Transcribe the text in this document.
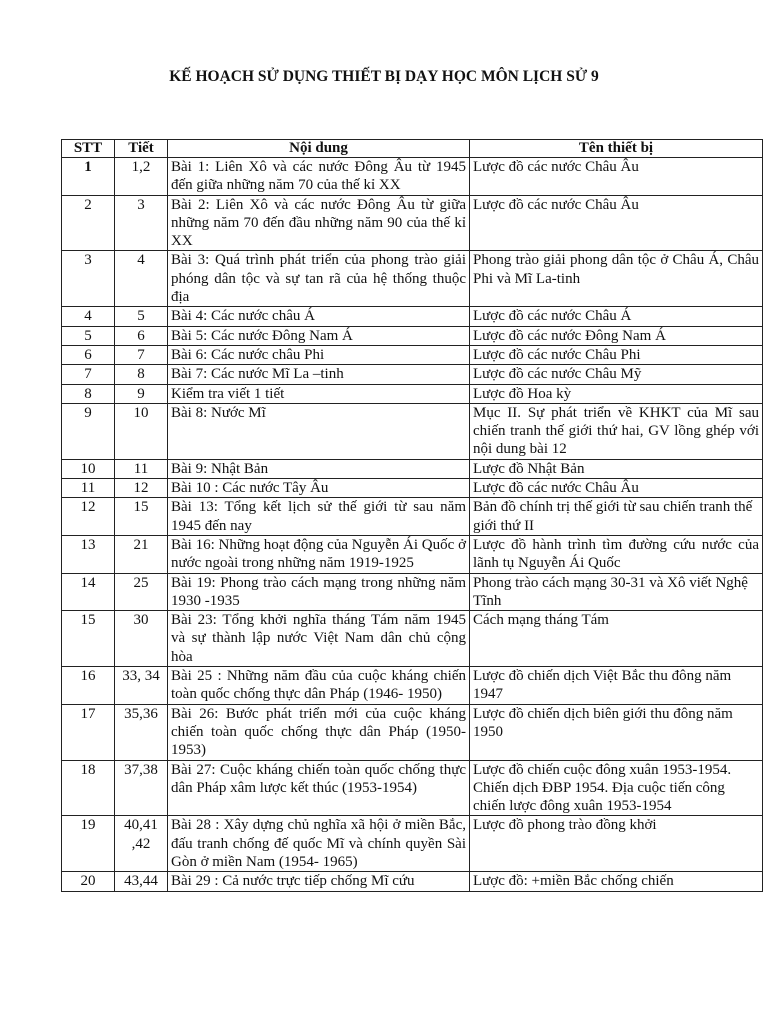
KẾ HOẠCH SỬ DỤNG THIẾT BỊ DẠY HỌC MÔN LỊCH SỬ 9
STT	Tiết	Nội dung	Tên thiết bị
1	1,2	Bài 1: Liên Xô và các nước Đông Âu từ 1945 đến giữa những năm 70 của thế kỉ XX	Lược đồ các nước Châu Âu
2	3	Bài 2: Liên Xô và các nước Đông Âu từ giữa những năm 70 đến đầu những năm 90 của thế kỉ XX	Lược đồ các nước Châu Âu
3	4	Bài 3: Quá trình phát triển của phong trào giải phóng dân tộc và sự tan rã của hệ thống thuộc địa	Phong trào giải phong dân tộc ở Châu Á, Châu Phi và Mĩ La-tinh
4	5	Bài 4: Các nước châu Á	Lược đồ các nước Châu Á
5	6	Bài 5: Các nước Đông Nam Á	Lược đồ các nước Đông Nam Á
6	7	Bài 6: Các nước châu Phi	Lược đồ các nước Châu Phi
7	8	Bài 7: Các nước Mĩ La –tinh	Lược đồ các nước Châu Mỹ
8	9	Kiểm tra viết 1 tiết	Lược đồ Hoa kỳ
9	10	Bài 8: Nước Mĩ	Mục II. Sự phát triển về KHKT của Mĩ sau chiến tranh thế giới thứ hai, GV lồng ghép với nội dung bài 12
10	11	Bài 9: Nhật Bản	Lược đồ Nhật Bản
11	12	Bài 10 : Các nước Tây Âu	Lược đồ các nước Châu Âu
12	15	Bài 13: Tổng kết lịch sử thế giới từ sau năm 1945 đến nay	Bản đồ chính trị thế giới từ sau chiến tranh thế giới thứ II
13	21	Bài 16: Những hoạt động của Nguyễn Ái Quốc ở nước ngoài trong những năm 1919-1925	Lược đồ hành trình tìm đường cứu nước của lãnh tụ Nguyễn Ái Quốc
14	25	Bài 19: Phong trào cách mạng trong những năm 1930 -1935	Phong trào cách mạng 30-31 và Xô viết Nghệ Tĩnh
15	30	Bài 23: Tổng khởi nghĩa tháng Tám năm 1945 và sự thành lập nước Việt Nam dân chủ cộng hòa	Cách mạng tháng Tám
16	33, 34	Bài 25 : Những năm đầu của cuộc kháng chiến toàn quốc chống thực dân Pháp (1946- 1950)	Lược đồ chiến dịch Việt Bắc thu đông năm 1947
17	35,36	Bài 26: Bước phát triển mới của cuộc kháng chiến toàn quốc chống thực dân Pháp (1950- 1953)	Lược đồ chiến dịch biên giới thu đông năm 1950
18	37,38	Bài 27: Cuộc kháng chiến toàn quốc chống thực dân Pháp xâm lược kết thúc (1953-1954)	Lược đồ chiến cuộc đông xuân 1953-1954. Chiến dịch ĐBP 1954. Địa cuộc tiến công chiến lược đông xuân 1953-1954
19	40,41 ,42	Bài 28 : Xây dựng chủ nghĩa xã hội ở miền Bắc, đấu tranh chống đế quốc Mĩ và chính quyền Sài Gòn ở miền Nam (1954- 1965)	Lược đồ phong trào đồng khởi
20	43,44	Bài 29 : Cả nước trực tiếp chống Mĩ cứu	Lược đồ: +miền Bắc chống chiến
